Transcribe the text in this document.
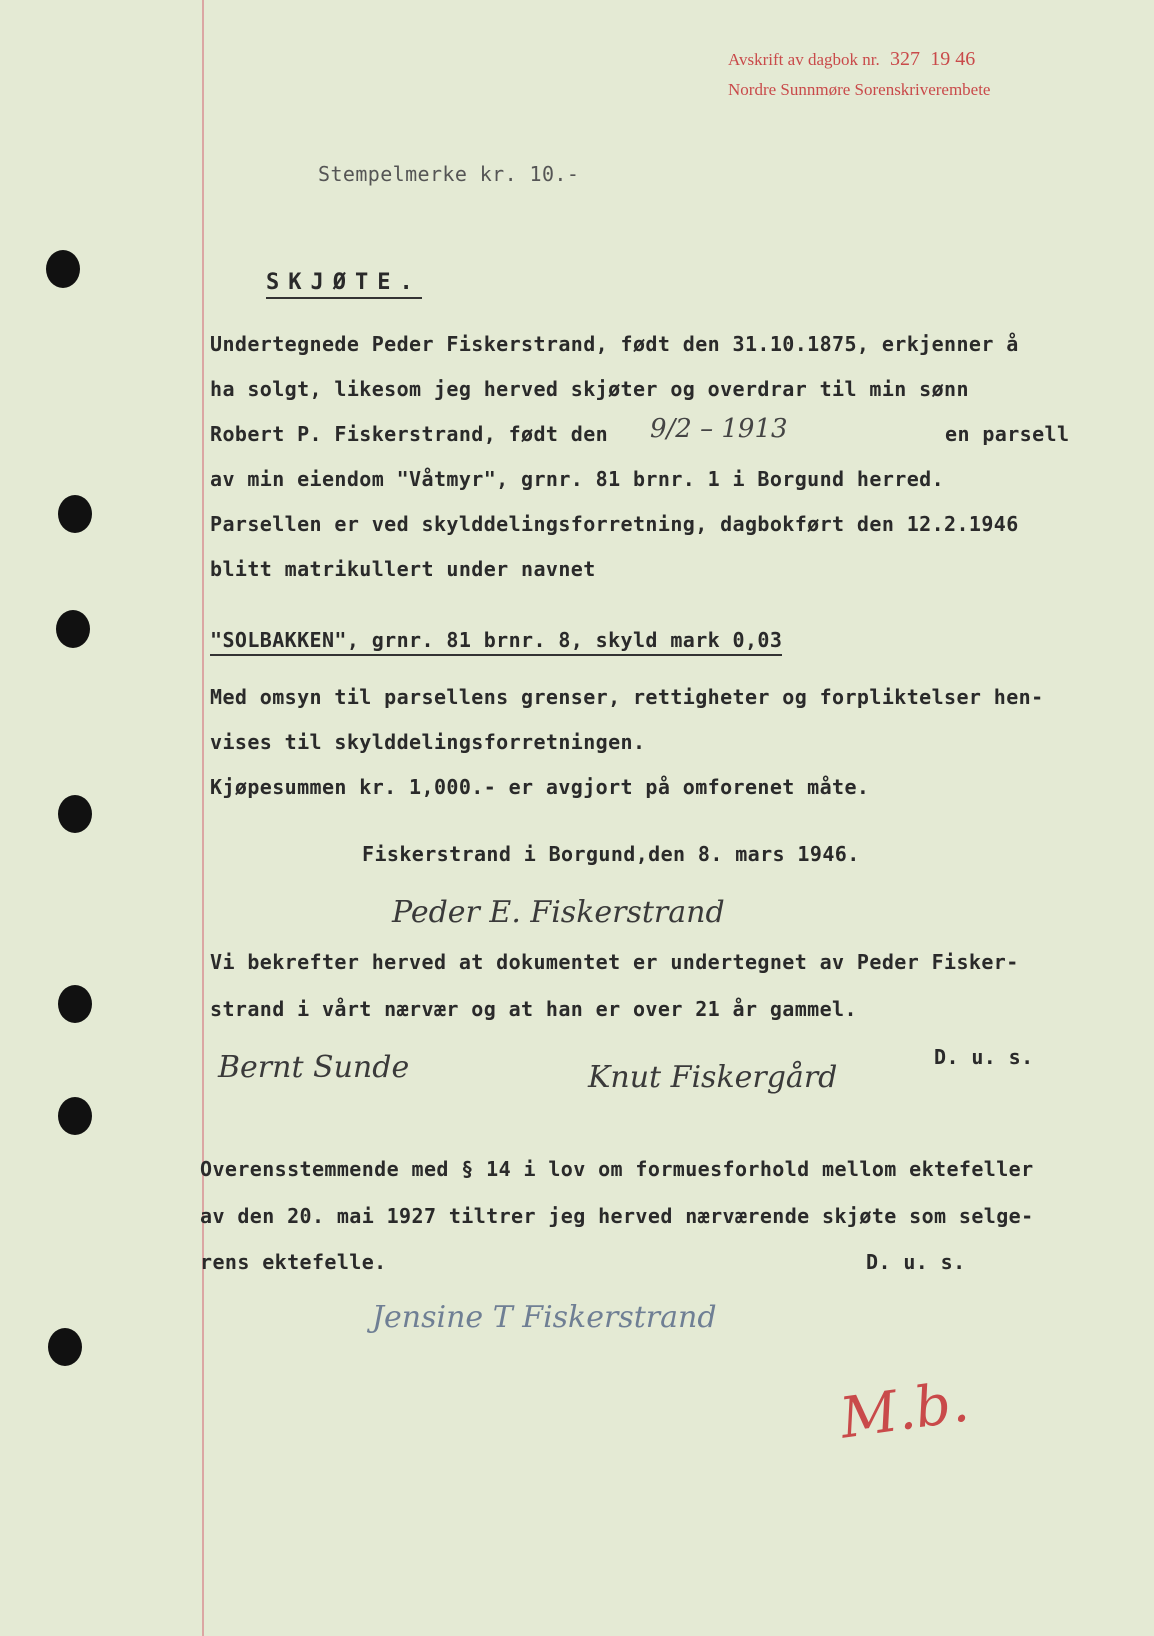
Avskrift av dagbok nr. 327 19 46
Nordre Sunnmøre Sorenskriverembete
Stempelmerke kr. 10.-
SKJØTE.
Undertegnede Peder Fiskerstrand, født den 31.10.1875, erkjenner å
ha solgt, likesom jeg herved skjøter og overdrar til min sønn
Robert P. Fiskerstrand, født den 9/2 – 1913	en parsell
av min eiendom "Våtmyr", grnr. 81 brnr. 1 i Borgund herred.
Parsellen er ved skylddelingsforretning, dagbokført den 12.2.1946
blitt matrikullert under navnet
"SOLBAKKEN", grnr. 81 brnr. 8, skyld mark 0,03
Med omsyn til parsellens grenser, rettigheter og forpliktelser hen-
vises til skylddelingsforretningen.
Kjøpesummen kr. 1,000.- er avgjort på omforenet måte.
Fiskerstrand i Borgund,den 8. mars 1946.
Peder E. Fiskerstrand
Vi bekrefter herved at dokumentet er undertegnet av Peder Fisker-
strand i vårt nærvær og at han er over 21 år gammel.
Bernt Sunde	Knut Fiskergård
D. u. s.
Overensstemmende med § 14 i lov om formuesforhold mellom ektefeller
av den 20. mai 1927 tiltrer jeg herved nærværende skjøte som selge-
rens ektefelle.	D. u. s.
Jensine T Fiskerstrand
M.b.
